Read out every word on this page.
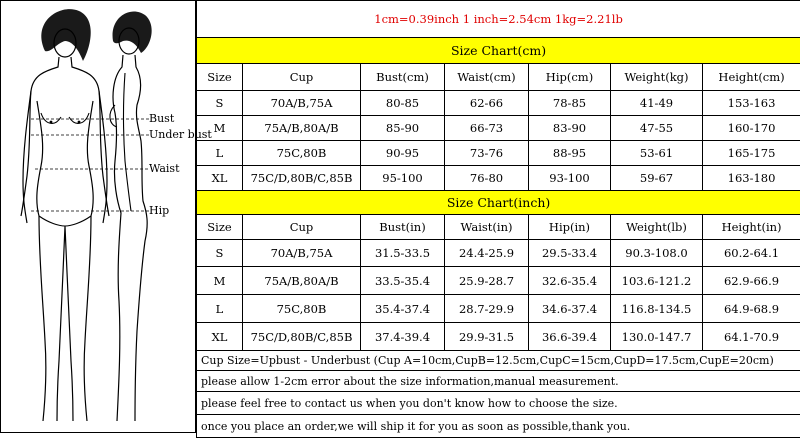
Bust
Under bust
Waist
Hip
1cm=0.39inch 1 inch=2.54cm 1kg=2.21lb						
Size Chart(cm)						
Size	Cup	Bust(cm)	Waist(cm)	Hip(cm)	Weight(kg)	Height(cm)
S	70A/B,75A	80-85	62-66	78-85	41-49	153-163
M	75A/B,80A/B	85-90	66-73	83-90	47-55	160-170
L	75C,80B	90-95	73-76	88-95	53-61	165-175
XL	75C/D,80B/C,85B	95-100	76-80	93-100	59-67	163-180
Size Chart(inch)						
Size	Cup	Bust(in)	Waist(in)	Hip(in)	Weight(lb)	Height(in)
S	70A/B,75A	31.5-33.5	24.4-25.9	29.5-33.4	90.3-108.0	60.2-64.1
M	75A/B,80A/B	33.5-35.4	25.9-28.7	32.6-35.4	103.6-121.2	62.9-66.9
L	75C,80B	35.4-37.4	28.7-29.9	34.6-37.4	116.8-134.5	64.9-68.9
XL	75C/D,80B/C,85B	37.4-39.4	29.9-31.5	36.6-39.4	130.0-147.7	64.1-70.9
Cup Size=Upbust - Underbust (Cup A=10cm,CupB=12.5cm,CupC=15cm,CupD=17.5cm,CupE=20cm)						
please allow 1-2cm error about the size information,manual measurement.						
please feel free to contact us when you don't know how to choose the size.						
once you place an order,we will ship it for you as soon as possible,thank you.						
